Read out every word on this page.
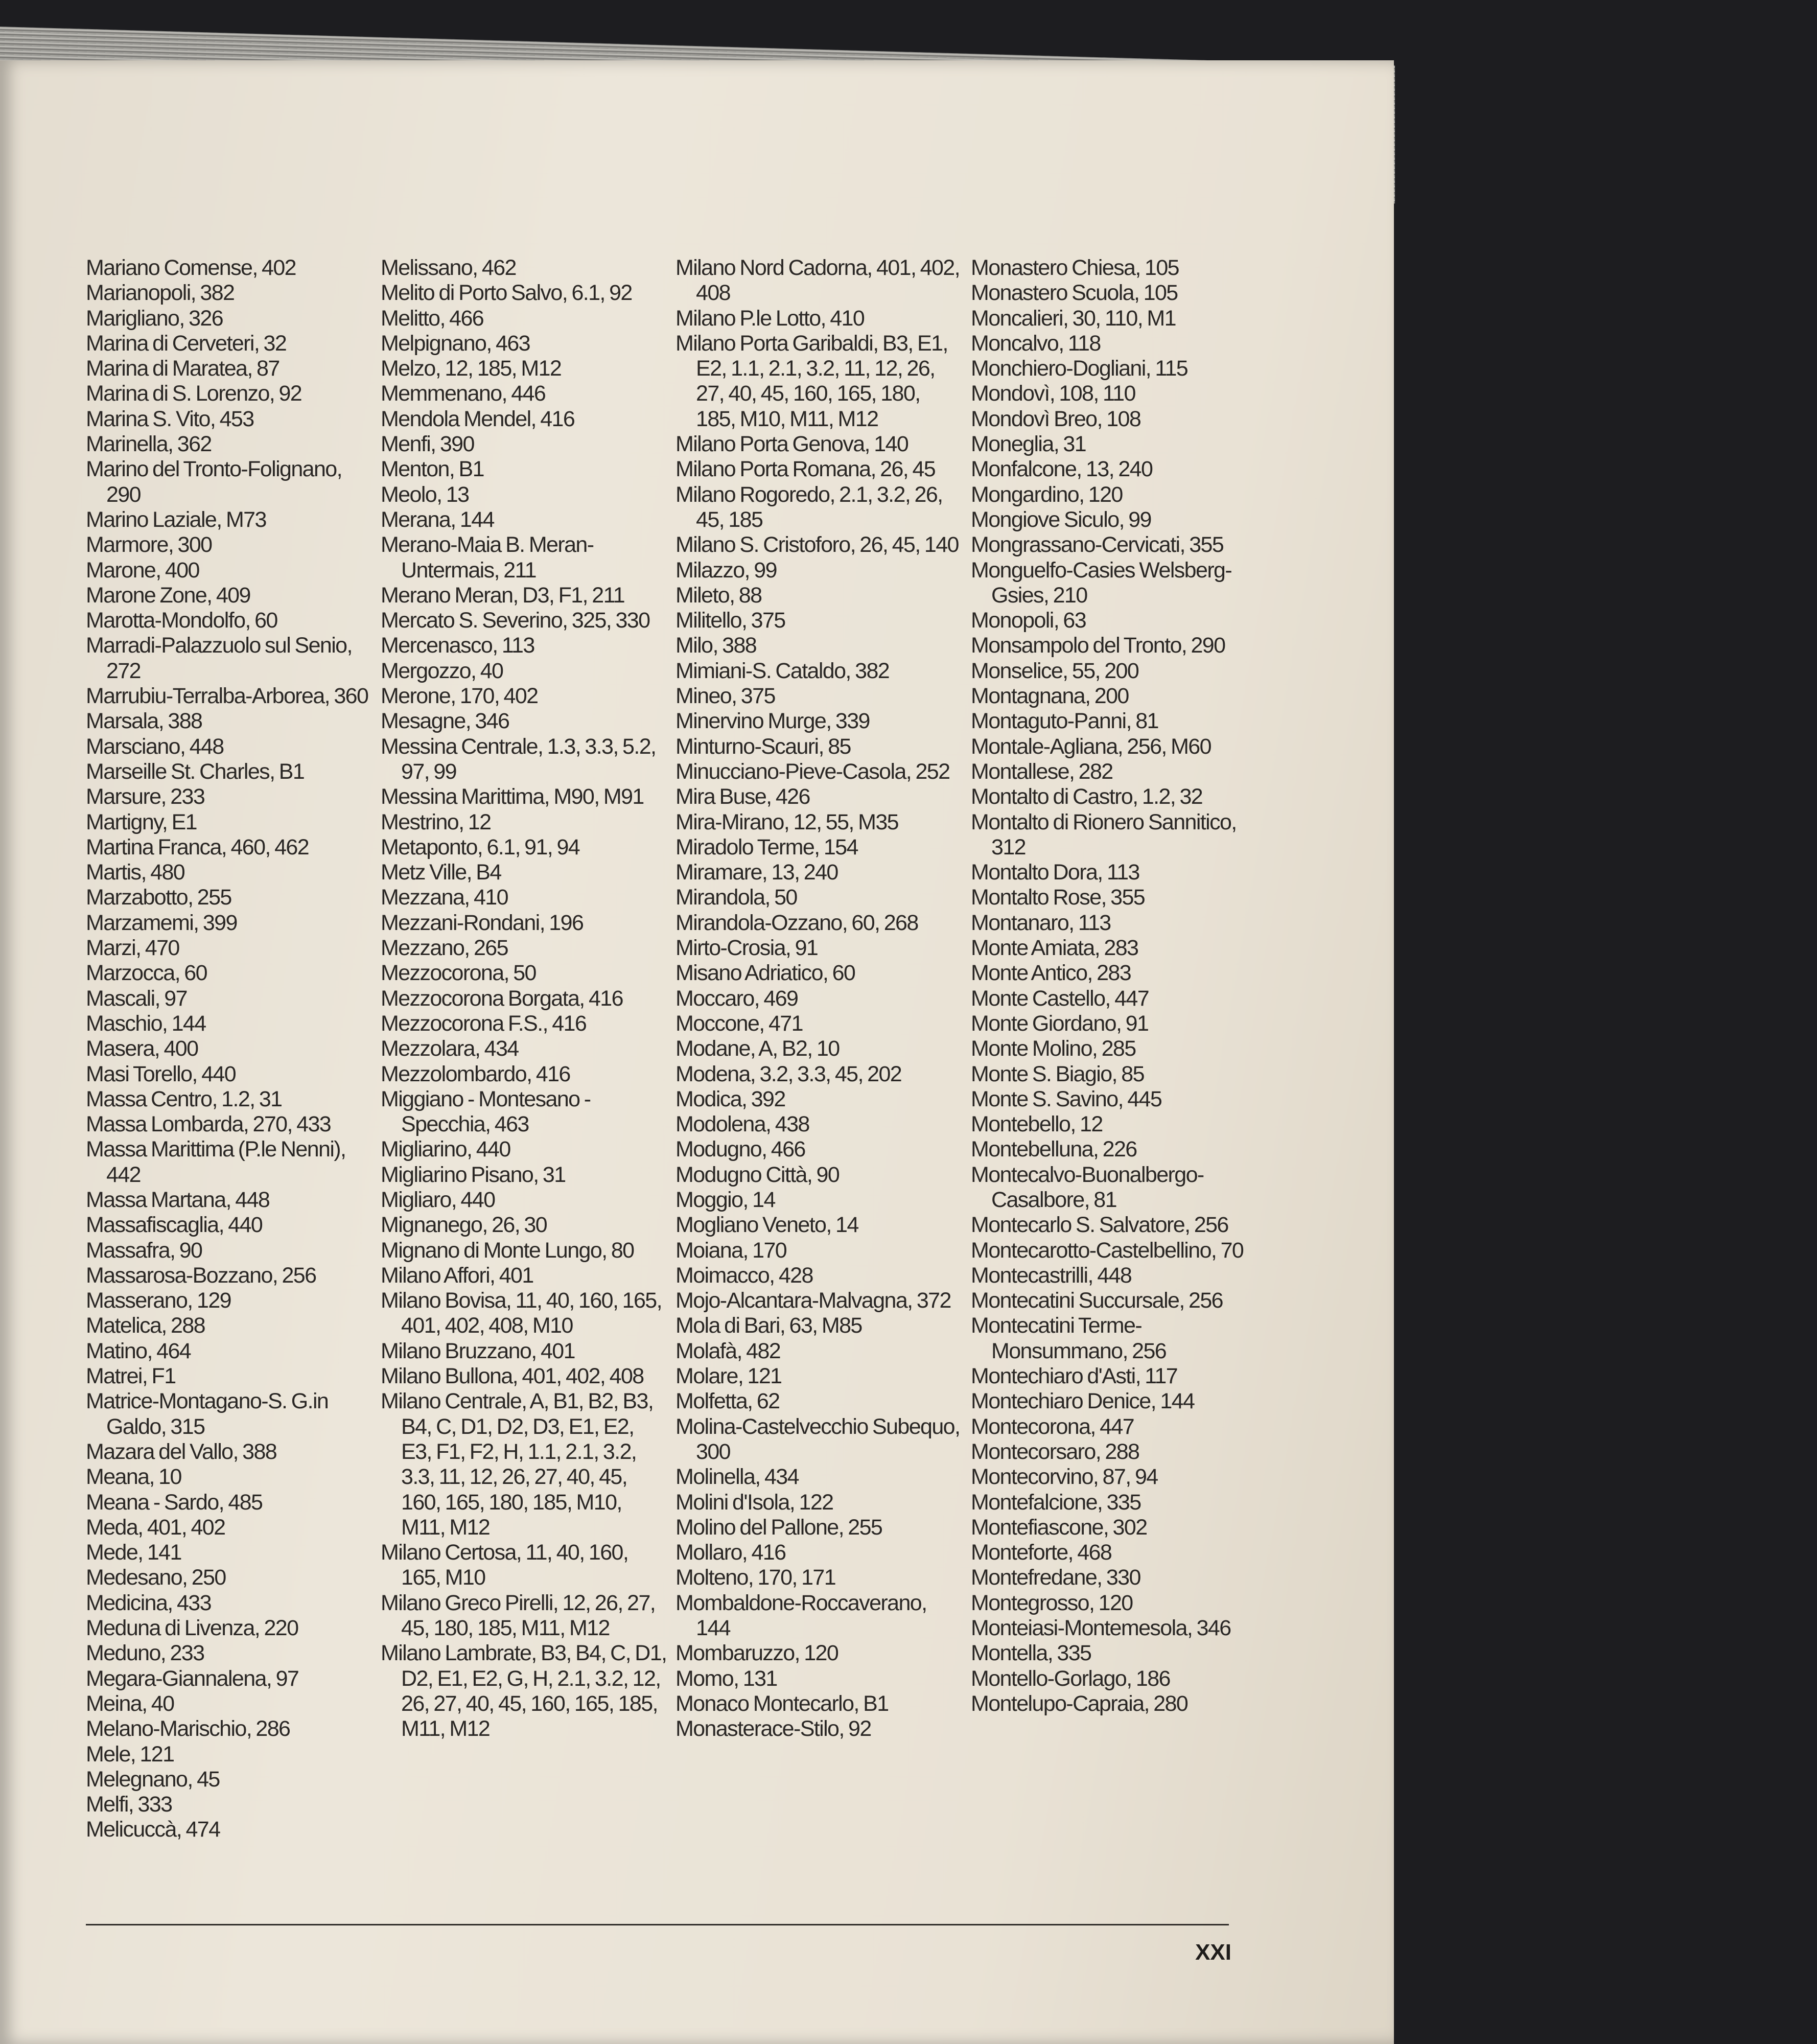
Mariano Comense, 402

Marianopoli, 382

Marigliano, 326

Marina di Cerveteri, 32

Marina di Maratea, 87

Marina di S. Lorenzo, 92

Marina S. Vito, 453

Marinella, 362

Marino del Tronto-Folignano, 290

Marino Laziale, M73

Marmore, 300

Marone, 400

Marone Zone, 409

Marotta-Mondolfo, 60

Marradi-Palazzuolo sul Senio, 272

Marrubiu-Terralba-Arborea, 360

Marsala, 388

Marsciano, 448

Marseille St. Charles, B1

Marsure, 233

Martigny, E1

Martina Franca, 460, 462

Martis, 480

Marzabotto, 255

Marzamemi, 399

Marzi, 470

Marzocca, 60

Mascali, 97

Maschio, 144

Masera, 400

Masi Torello, 440

Massa Centro, 1.2, 31

Massa Lombarda, 270, 433

Massa Marittima (P.le Nenni), 442

Massa Martana, 448

Massafiscaglia, 440

Massafra, 90

Massarosa-Bozzano, 256

Masserano, 129

Matelica, 288

Matino, 464

Matrei, F1

Matrice-Montagano-S. G.in Galdo, 315

Mazara del Vallo, 388

Meana, 10

Meana - Sardo, 485

Meda, 401, 402

Mede, 141

Medesano, 250

Medicina, 433

Meduna di Livenza, 220

Meduno, 233

Megara-Giannalena, 97

Meina, 40

Melano-Marischio, 286

Mele, 121

Melegnano, 45

Melfi, 333

Melicuccà, 474

Melissano, 462

Melito di Porto Salvo, 6.1, 92

Melitto, 466

Melpignano, 463

Melzo, 12, 185, M12

Memmenano, 446

Mendola Mendel, 416

Menfi, 390

Menton, B1

Meolo, 13

Merana, 144

Merano-Maia B. Meran-Untermais, 211

Merano Meran, D3, F1, 211

Mercato S. Severino, 325, 330

Mercenasco, 113

Mergozzo, 40

Merone, 170, 402

Mesagne, 346

Messina Centrale, 1.3, 3.3, 5.2, 97, 99

Messina Marittima, M90, M91

Mestrino, 12

Metaponto, 6.1, 91, 94

Metz Ville, B4

Mezzana, 410

Mezzani-Rondani, 196

Mezzano, 265

Mezzocorona, 50

Mezzocorona Borgata, 416

Mezzocorona F.S., 416

Mezzolara, 434

Mezzolombardo, 416

Miggiano - Montesano - Specchia, 463

Migliarino, 440

Migliarino Pisano, 31

Migliaro, 440

Mignanego, 26, 30

Mignano di Monte Lungo, 80

Milano Affori, 401

Milano Bovisa, 11, 40, 160, 165, 401, 402, 408, M10

Milano Bruzzano, 401

Milano Bullona, 401, 402, 408

Milano Centrale, A, B1, B2, B3, B4, C, D1, D2, D3, E1, E2, E3, F1, F2, H, 1.1, 2.1, 3.2, 3.3, 11, 12, 26, 27, 40, 45, 160, 165, 180, 185, M10, M11, M12

Milano Certosa, 11, 40, 160, 165, M10

Milano Greco Pirelli, 12, 26, 27, 45, 180, 185, M11, M12

Milano Lambrate, B3, B4, C, D1, D2, E1, E2, G, H, 2.1, 3.2, 12, 26, 27, 40, 45, 160, 165, 185, M11, M12

Milano Nord Cadorna, 401, 402, 408

Milano P.le Lotto, 410

Milano Porta Garibaldi, B3, E1, E2, 1.1, 2.1, 3.2, 11, 12, 26, 27, 40, 45, 160, 165, 180, 185, M10, M11, M12

Milano Porta Genova, 140

Milano Porta Romana, 26, 45

Milano Rogoredo, 2.1, 3.2, 26, 45, 185

Milano S. Cristoforo, 26, 45, 140

Milazzo, 99

Mileto, 88

Militello, 375

Milo, 388

Mimiani-S. Cataldo, 382

Mineo, 375

Minervino Murge, 339

Minturno-Scauri, 85

Minucciano-Pieve-Casola, 252

Mira Buse, 426

Mira-Mirano, 12, 55, M35

Miradolo Terme, 154

Miramare, 13, 240

Mirandola, 50

Mirandola-Ozzano, 60, 268

Mirto-Crosia, 91

Misano Adriatico, 60

Moccaro, 469

Moccone, 471

Modane, A, B2, 10

Modena, 3.2, 3.3, 45, 202

Modica, 392

Modolena, 438

Modugno, 466

Modugno Città, 90

Moggio, 14

Mogliano Veneto, 14

Moiana, 170

Moimacco, 428

Mojo-Alcantara-Malvagna, 372

Mola di Bari, 63, M85

Molafà, 482

Molare, 121

Molfetta, 62

Molina-Castelvecchio Subequo, 300

Molinella, 434

Molini d'Isola, 122

Molino del Pallone, 255

Mollaro, 416

Molteno, 170, 171

Mombaldone-Roccaverano, 144

Mombaruzzo, 120

Momo, 131

Monaco Montecarlo, B1

Monasterace-Stilo, 92

Monastero Chiesa, 105

Monastero Scuola, 105

Moncalieri, 30, 110, M1

Moncalvo, 118

Monchiero-Dogliani, 115

Mondovì, 108, 110

Mondovì Breo, 108

Moneglia, 31

Monfalcone, 13, 240

Mongardino, 120

Mongiove Siculo, 99

Mongrassano-Cervicati, 355

Monguelfo-Casies Welsberg-Gsies, 210

Monopoli, 63

Monsampolo del Tronto, 290

Monselice, 55, 200

Montagnana, 200

Montaguto-Panni, 81

Montale-Agliana, 256, M60

Montallese, 282

Montalto di Castro, 1.2, 32

Montalto di Rionero Sannitico, 312

Montalto Dora, 113

Montalto Rose, 355

Montanaro, 113

Monte Amiata, 283

Monte Antico, 283

Monte Castello, 447

Monte Giordano, 91

Monte Molino, 285

Monte S. Biagio, 85

Monte S. Savino, 445

Montebello, 12

Montebelluna, 226

Montecalvo-Buonalbergo-Casalbore, 81

Montecarlo S. Salvatore, 256

Montecarotto-Castelbellino, 70

Montecastrilli, 448

Montecatini Succursale, 256

Montecatini Terme-Monsummano, 256

Montechiaro d'Asti, 117

Montechiaro Denice, 144

Montecorona, 447

Montecorsaro, 288

Montecorvino, 87, 94

Montefalcione, 335

Montefiascone, 302

Monteforte, 468

Montefredane, 330

Montegrosso, 120

Monteiasi-Montemesola, 346

Montella, 335

Montello-Gorlago, 186

Montelupo-Capraia, 280

XXI
